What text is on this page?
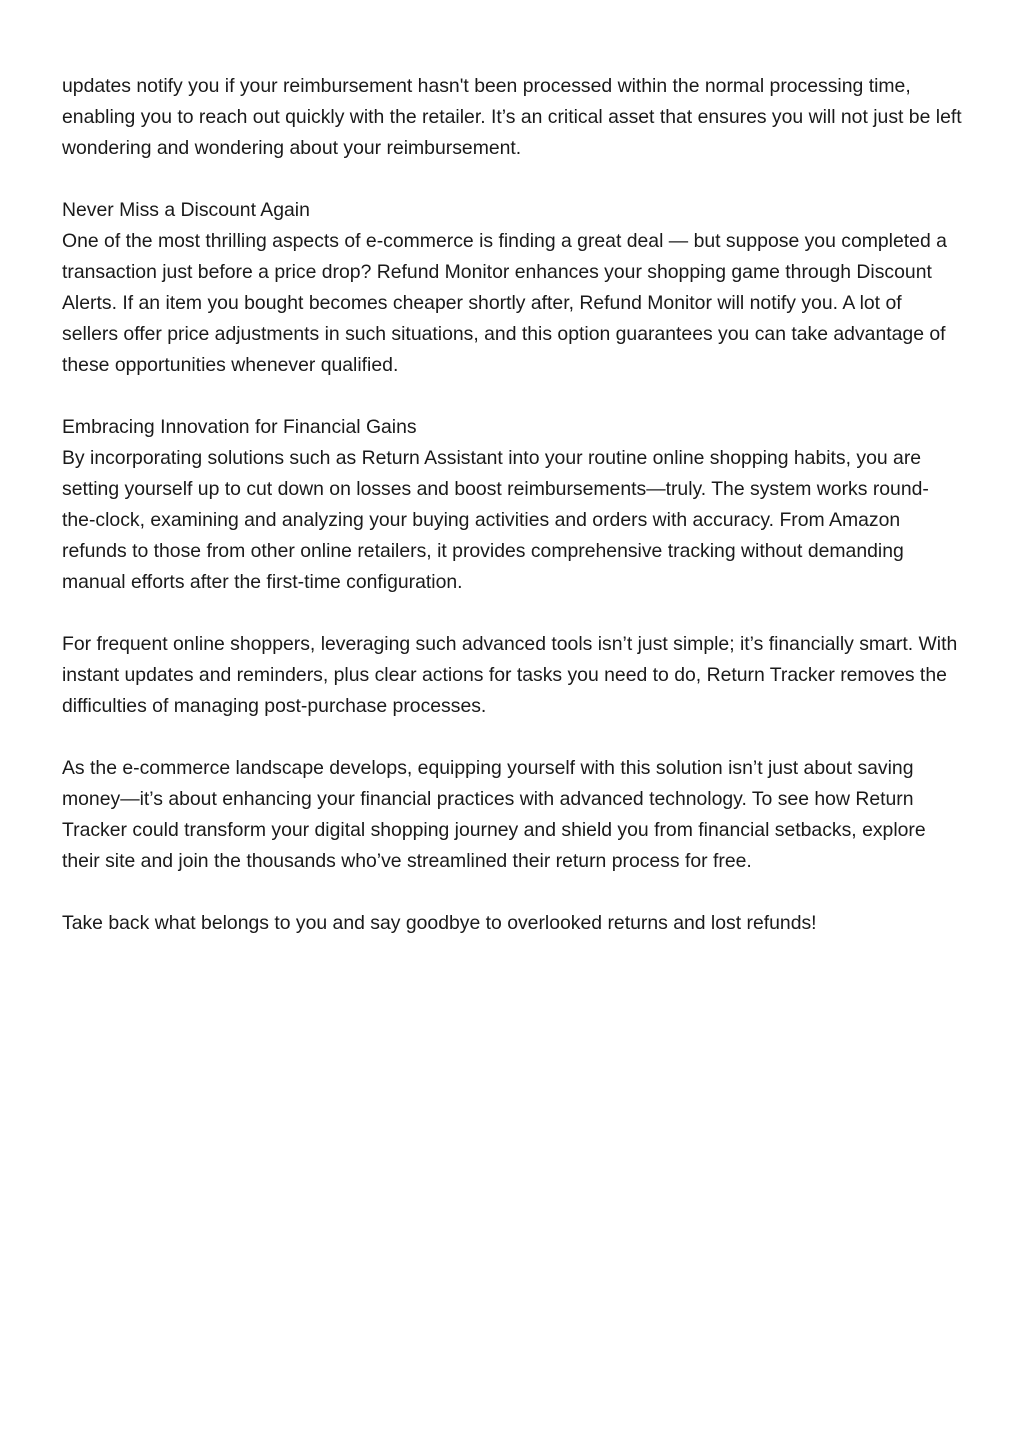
updates notify you if your reimbursement hasn't been processed within the normal processing time, enabling you to reach out quickly with the retailer. It’s an critical asset that ensures you will not just be left wondering and wondering about your reimbursement.

Never Miss a Discount Again

One of the most thrilling aspects of e-commerce is finding a great deal — but suppose you completed a transaction just before a price drop? Refund Monitor enhances your shopping game through Discount Alerts. If an item you bought becomes cheaper shortly after, Refund Monitor will notify you. A lot of sellers offer price adjustments in such situations, and this option guarantees you can take advantage of these opportunities whenever qualified.

Embracing Innovation for Financial Gains

By incorporating solutions such as Return Assistant into your routine online shopping habits, you are setting yourself up to cut down on losses and boost reimbursements—truly. The system works round-the-clock, examining and analyzing your buying activities and orders with accuracy. From Amazon refunds to those from other online retailers, it provides comprehensive tracking without demanding manual efforts after the first-time configuration.

For frequent online shoppers, leveraging such advanced tools isn’t just simple; it’s financially smart. With instant updates and reminders, plus clear actions for tasks you need to do, Return Tracker removes the difficulties of managing post-purchase processes.

As the e-commerce landscape develops, equipping yourself with this solution isn’t just about saving money—it’s about enhancing your financial practices with advanced technology. To see how Return Tracker could transform your digital shopping journey and shield you from financial setbacks, explore their site and join the thousands who’ve streamlined their return process for free.

Take back what belongs to you and say goodbye to overlooked returns and lost refunds!
